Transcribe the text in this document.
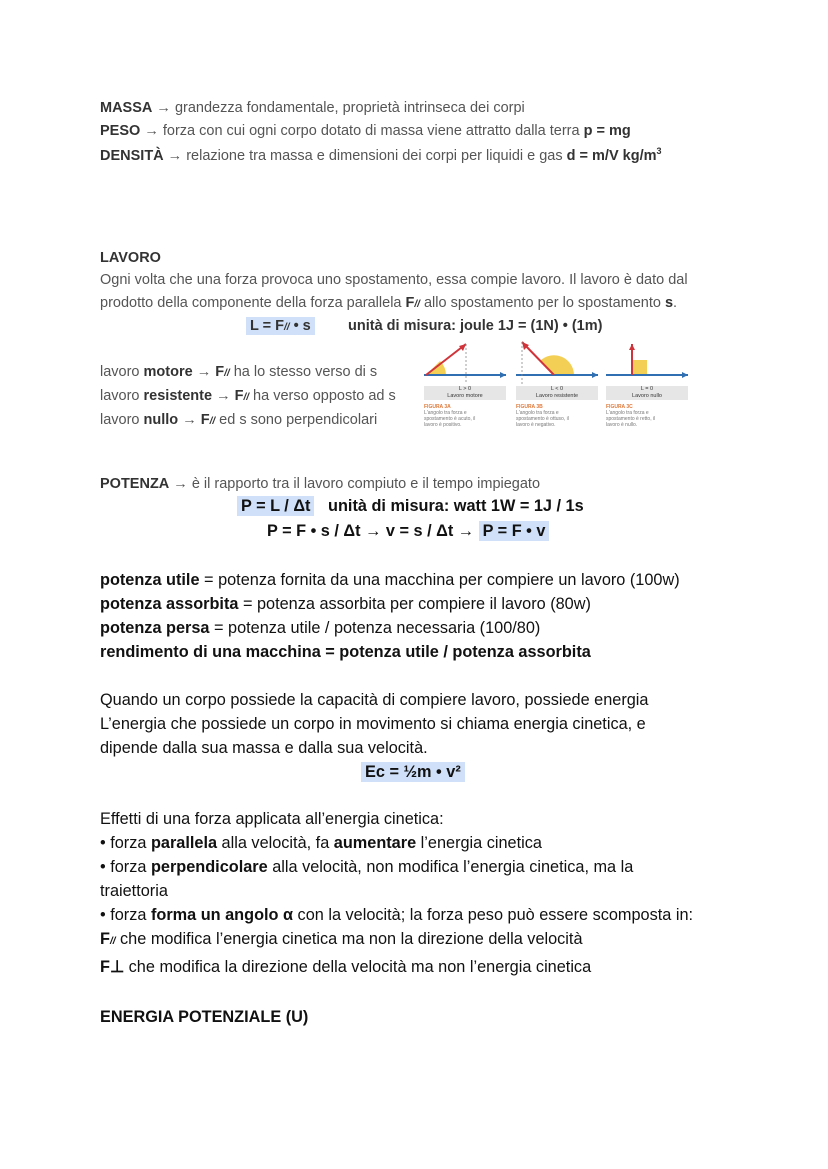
MASSA → grandezza fondamentale, proprietà intrinseca dei corpi
PESO → forza con cui ogni corpo dotato di massa viene attratto dalla terra p = mg
DENSITÀ → relazione tra massa e dimensioni dei corpi per liquidi e gas d = m/V $kg/m^3$
LAVORO
Ogni volta che una forza provoca uno spostamento, essa compie lavoro. Il lavoro è dato dal
prodotto della componente della forza parallela F// allo spostamento per lo spostamento s.
L = F// • s	unità di misura: joule 1J = (1N) • (1m)
lavoro motore → F// ha lo stesso verso di s
lavoro resistente → F// ha verso opposto ad s
lavoro nullo → F// ed s sono perpendicolari
L > 0
Lavoro motore
FIGURA 3A
L'angolo tra forza e
spostamento è acuto, il
lavoro è positivo.
L < 0
Lavoro resistente
FIGURA 3B
L'angolo tra forza e
spostamento è ottuso, il
lavoro è negativo.
L = 0
Lavoro nullo
FIGURA 3C
L'angolo tra forza e
spostamento è retto, il
lavoro è nullo.
POTENZA → è il rapporto tra il lavoro compiuto e il tempo impiegato
P = L / Δt unità di misura: watt 1W = 1J / 1s
P = F • s / Δt → v = s / Δt → P = F • v
potenza utile = potenza fornita da una macchina per compiere un lavoro (100w)
potenza assorbita = potenza assorbita per compiere il lavoro (80w)
potenza persa = potenza utile / potenza necessaria (100/80)
rendimento di una macchina = potenza utile / potenza assorbita
Quando un corpo possiede la capacità di compiere lavoro, possiede energia
L’energia che possiede un corpo in movimento si chiama energia cinetica, e
dipende dalla sua massa e dalla sua velocità.
Ec = ½m • v²
Effetti di una forza applicata all’energia cinetica:
• forza parallela alla velocità, fa aumentare l’energia cinetica
• forza perpendicolare alla velocità, non modifica l’energia cinetica, ma la
traiettoria
• forza forma un angolo α con la velocità; la forza peso può essere scomposta in:
F// che modifica l’energia cinetica ma non la direzione della velocità
F⊥ che modifica la direzione della velocità ma non l’energia cinetica
ENERGIA POTENZIALE (U)
